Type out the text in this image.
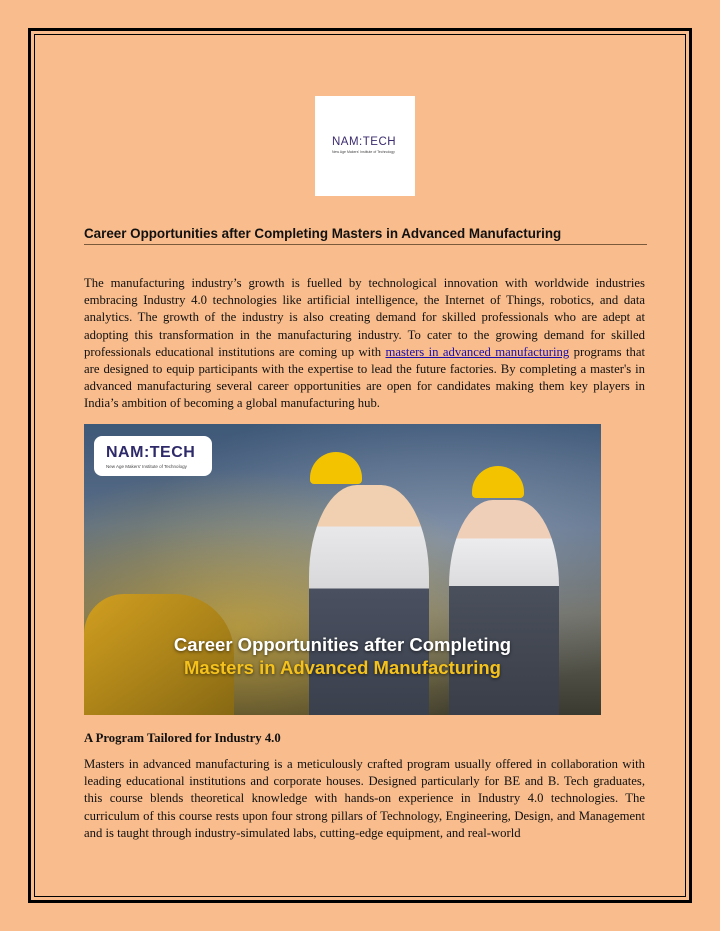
NAM:TECH
New Age Makers' Institute of Technology
Career Opportunities after Completing Masters in Advanced Manufacturing

The manufacturing industry’s growth is fuelled by technological innovation with worldwide industries embracing Industry 4.0 technologies like artificial intelligence, the Internet of Things, robotics, and data analytics. The growth of the industry is also creating demand for skilled professionals who are adept at adopting this transformation in the manufacturing industry. To cater to the growing demand for skilled professionals educational institutions are coming up with masters in advanced manufacturing programs that are designed to equip participants with the expertise to lead the future factories. By completing a master's in advanced manufacturing several career opportunities are open for candidates making them key players in India’s ambition of becoming a global manufacturing hub.

NAM:TECH
New Age Makers' Institute of Technology
Career Opportunities after Completing
Masters in Advanced Manufacturing
A Program Tailored for Industry 4.0

Masters in advanced manufacturing is a meticulously crafted program usually offered in collaboration with leading educational institutions and corporate houses. Designed particularly for BE and B. Tech graduates, this course blends theoretical knowledge with hands-on experience in Industry 4.0 technologies. The curriculum of this course rests upon four strong pillars of Technology, Engineering, Design, and Management and is taught through industry-simulated labs, cutting-edge equipment, and real-world
